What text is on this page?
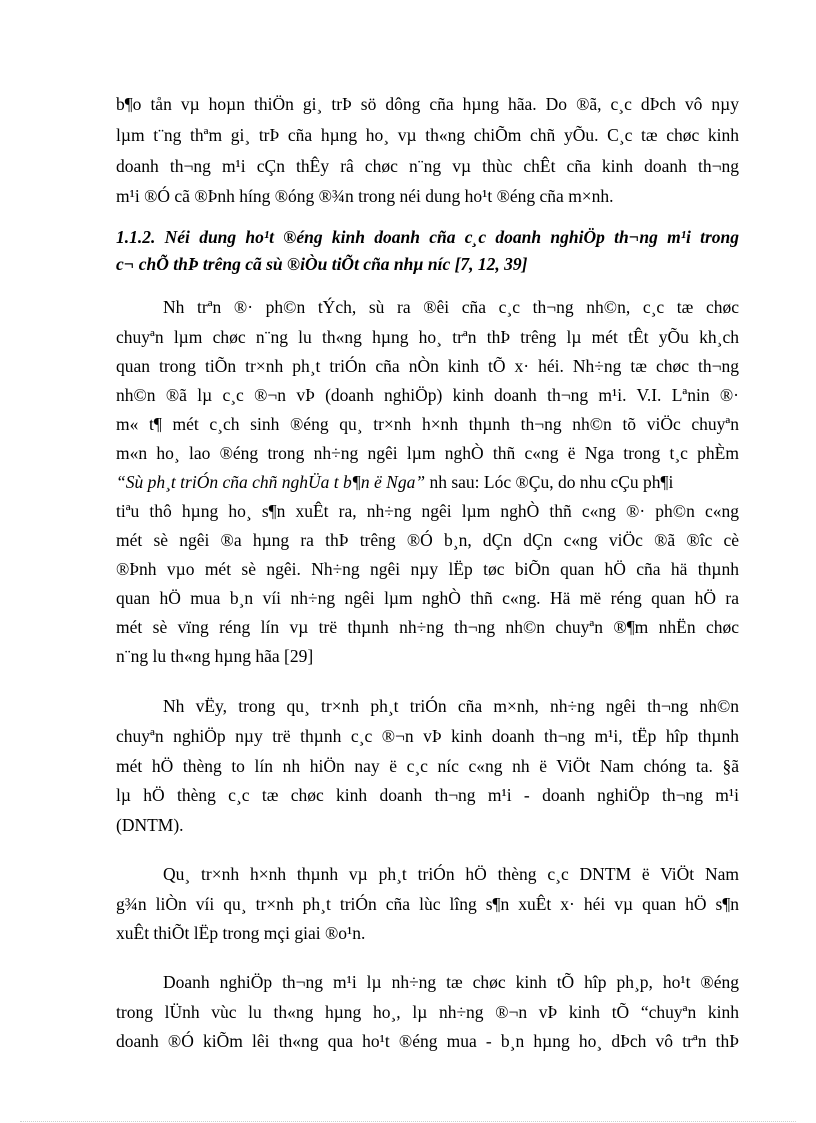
b¶o tån vµ hoµn thiÖn gi¸ trÞ sö dông cña hµng hãa. Do ®ã, c¸c dÞch vô nµy
lµm t¨ng thªm gi¸ trÞ cña hµng ho¸ vµ th«ng chiÕm chñ yÕu. C¸c tæ chøc kinh
doanh th¬ng m¹i cÇn thÊy râ chøc n¨ng vµ thùc chÊt cña kinh doanh th¬ng
m¹i ®Ó cã ®Þnh híng ®óng ®¾n trong néi dung ho¹t ®éng cña m×nh.
1.1.2. Néi dung ho¹t ®éng kinh doanh cña c¸c doanh nghiÖp th¬ng m¹i trong
c¬ chÕ thÞ trêng cã sù ®iÒu tiÕt cña nhµ níc [7, 12, 39]
Nh trªn ®· ph©n tÝch, sù ra ®êi cña c¸c th¬ng nh©n, c¸c tæ chøc
chuyªn lµm chøc n¨ng lu th«ng hµng ho¸ trªn thÞ trêng lµ mét tÊt yÕu kh¸ch
quan trong tiÕn tr×nh ph¸t triÓn cña nÒn kinh tÕ x· héi. Nh÷ng tæ chøc th¬ng
nh©n ®ã lµ c¸c ®¬n vÞ (doanh nghiÖp) kinh doanh th¬ng m¹i. V.I. Lªnin ®·
m« t¶ mét c¸ch sinh ®éng qu¸ tr×nh h×nh thµnh th¬ng nh©n tõ viÖc chuyªn
m«n ho¸ lao ®éng trong nh÷ng ngêi lµm nghÒ thñ c«ng ë Nga trong t¸c phÈm
“Sù ph¸t triÓn cña chñ nghÜa t b¶n ë Nga” nh sau: Lóc ®Çu, do nhu cÇu ph¶i
tiªu thô hµng ho¸ s¶n xuÊt ra, nh÷ng ngêi lµm nghÒ thñ c«ng ®· ph©n c«ng
mét sè ngêi ®a hµng ra thÞ trêng ®Ó b¸n, dÇn dÇn c«ng viÖc ®ã ®îc cè
®Þnh vµo mét sè ngêi. Nh÷ng ngêi nµy lËp tøc biÕn quan hÖ cña hä thµnh
quan hÖ mua b¸n víi nh÷ng ngêi lµm nghÒ thñ c«ng. Hä më réng quan hÖ ra
mét sè vïng réng lín vµ trë thµnh nh÷ng th¬ng nh©n chuyªn ®¶m nhËn chøc
n¨ng lu th«ng hµng hãa [29]
Nh vËy, trong qu¸ tr×nh ph¸t triÓn cña m×nh, nh÷ng ngêi th¬ng nh©n
chuyªn nghiÖp nµy trë thµnh c¸c ®¬n vÞ kinh doanh th¬ng m¹i, tËp hîp thµnh
mét hÖ thèng to lín nh hiÖn nay ë c¸c níc c«ng nh ë ViÖt Nam chóng ta. §ã
lµ hÖ thèng c¸c tæ chøc kinh doanh th¬ng m¹i - doanh nghiÖp th¬ng m¹i
(DNTM).
Qu¸ tr×nh h×nh thµnh vµ ph¸t triÓn hÖ thèng c¸c DNTM ë ViÖt Nam
g¾n liÒn víi qu¸ tr×nh ph¸t triÓn cña lùc lîng s¶n xuÊt x· héi vµ quan hÖ s¶n
xuÊt thiÕt lËp trong mçi giai ®o¹n.
Doanh nghiÖp th¬ng m¹i lµ nh÷ng tæ chøc kinh tÕ hîp ph¸p, ho¹t ®éng
trong lÜnh vùc lu th«ng hµng ho¸, lµ nh÷ng ®¬n vÞ kinh tÕ “chuyªn kinh
doanh ®Ó kiÕm lêi th«ng qua ho¹t ®éng mua - b¸n hµng ho¸ dÞch vô trªn thÞ
